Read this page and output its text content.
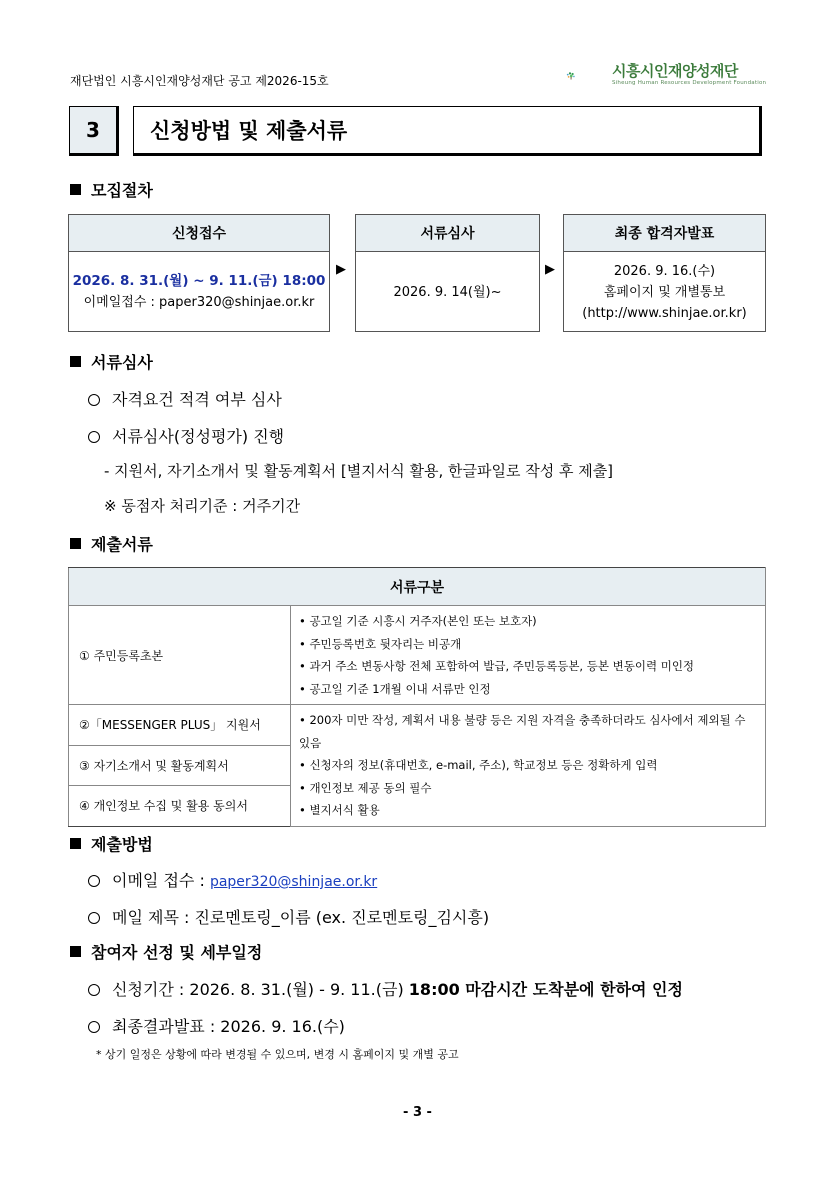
재단법인 시흥시인재양성재단 공고 제2026-15호
시흥시인재양성재단
Siheung Human Resources Development Foundation
3	신청방법 및 제출서류
모집절차
신청접수
2026. 8. 31.(월) ~ 9. 11.(금) 18:00
이메일접수 : paper320@shinjae.or.kr
▶
서류심사
2026. 9. 14(월)~
▶
최종 합격자발표
2026. 9. 16.(수)
홈페이지 및 개별통보
(http://www.shinjae.or.kr)
서류심사
자격요건 적격 여부 심사
서류심사(정성평가) 진행
- 지원서, 자기소개서 및 활동계획서 [별지서식 활용, 한글파일로 작성 후 제출]
※ 동점자 처리기준 : 거주기간
제출서류
서류구분	
① 주민등록초본	• 공고일 기준 시흥시 거주자(본인 또는 보호자)
• 주민등록번호 뒷자리는 비공개
• 과거 주소 변동사항 전체 포함하여 발급, 주민등록등본, 등본 변동이력 미인정
• 공고일 기준 1개월 이내 서류만 인정

②「MESSENGER PLUS」 지원서	• 200자 미만 작성, 계획서 내용 불량 등은 지원 자격을 충족하더라도 심사에서 제외될 수 있음
• 신청자의 정보(휴대번호, e-mail, 주소), 학교정보 등은 정확하게 입력
• 개인정보 제공 동의 필수
• 별지서식 활용

③ 자기소개서 및 활동계획서	
④ 개인정보 수집 및 활용 동의서	
제출방법
이메일 접수 : paper320@shinjae.or.kr
메일 제목 : 진로멘토링_이름 (ex. 진로멘토링_김시흥)
참여자 선정 및 세부일정
신청기간 : 2026. 8. 31.(월) - 9. 11.(금) 18:00 마감시간 도착분에 한하여 인정
최종결과발표 : 2026. 9. 16.(수)
* 상기 일정은 상황에 따라 변경될 수 있으며, 변경 시 홈페이지 및 개별 공고
- 3 -
